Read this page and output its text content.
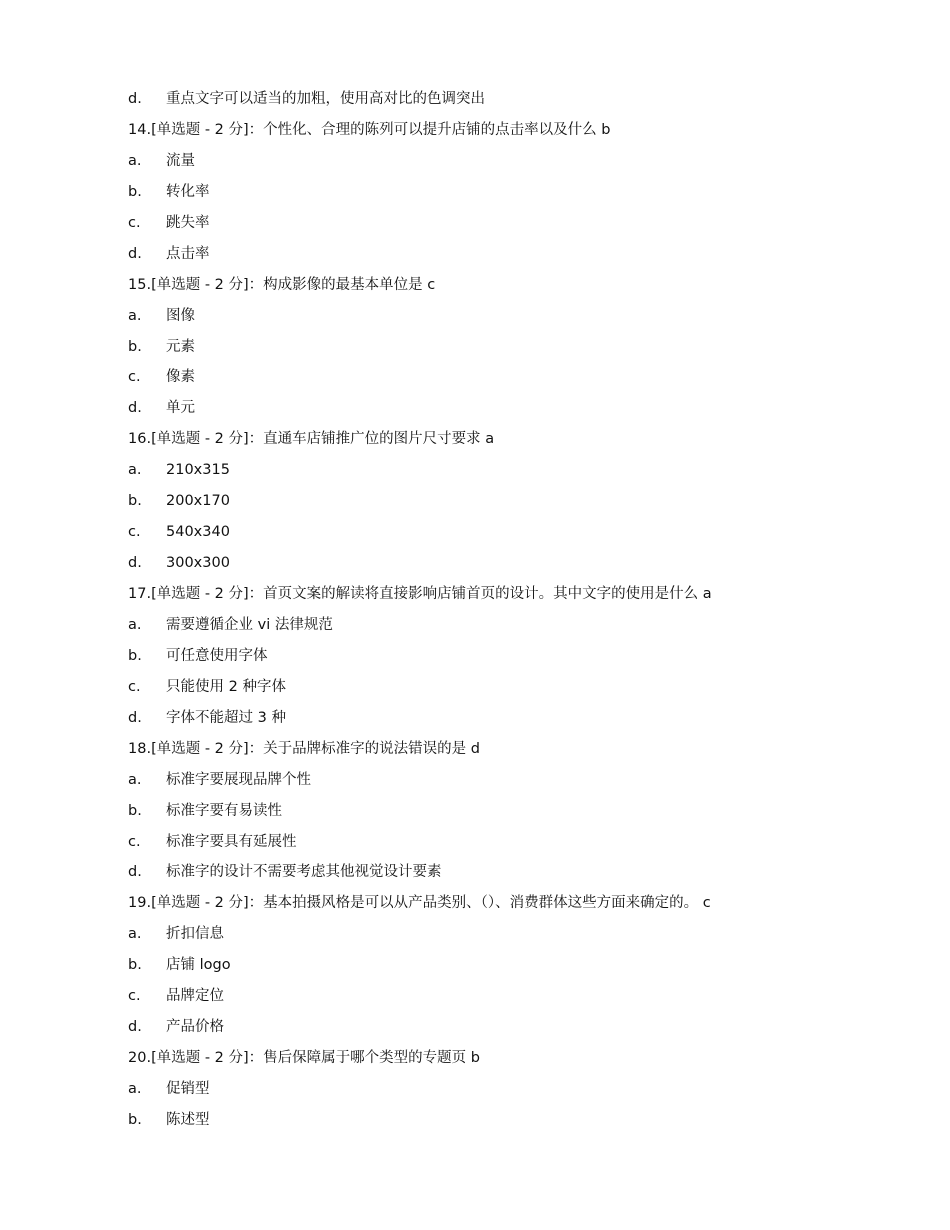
d. 重点文字可以适当的加粗，使用高对比的色调突出
14.[单选题 - 2 分]：个性化、合理的陈列可以提升店铺的点击率以及什么 b
a. 流量
b. 转化率
c. 跳失率
d. 点击率
15.[单选题 - 2 分]：构成影像的最基本单位是 c
a. 图像
b. 元素
c. 像素
d. 单元
16.[单选题 - 2 分]：直通车店铺推广位的图片尺寸要求 a
a. 210x315
b. 200x170
c. 540x340
d. 300x300
17.[单选题 - 2 分]：首页文案的解读将直接影响店铺首页的设计。其中文字的使用是什么 a
a. 需要遵循企业 vi 法律规范
b. 可任意使用字体
c. 只能使用 2 种字体
d. 字体不能超过 3 种
18.[单选题 - 2 分]：关于品牌标准字的说法错误的是 d
a. 标准字要展现品牌个性
b. 标准字要有易读性
c. 标准字要具有延展性
d. 标准字的设计不需要考虑其他视觉设计要素
19.[单选题 - 2 分]：基本拍摄风格是可以从产品类别、（）、消费群体这些方面来确定的。 c
a. 折扣信息
b. 店铺 logo
c. 品牌定位
d. 产品价格
20.[单选题 - 2 分]：售后保障属于哪个类型的专题页 b
a. 促销型
b. 陈述型
